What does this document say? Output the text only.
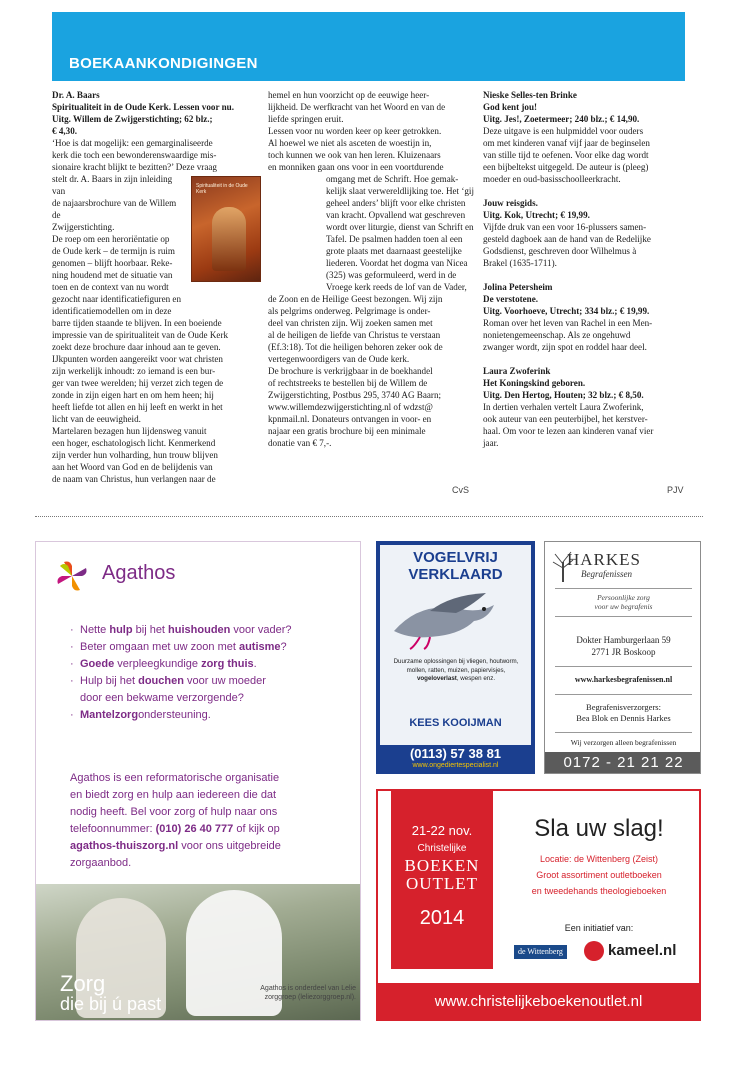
BOEKAANKONDIGINGEN

Dr. A. Baars

Spiritualiteit in de Oude Kerk. Lessen voor nu.

Uitg. Willem de Zwijgerstichting; 62 blz.;

€ 4,30.

‘Hoe is dat mogelijk: een gemarginaliseerde

kerk die toch een bewonderenswaardige mis-

sionaire kracht blijkt te bezitten?’ Deze vraag

Spiritualiteit in de Oude Kerk

stelt dr. A. Baars in zijn inleiding van

de najaarsbrochure van de Willem de

Zwijgerstichting.

De roep om een heroriëntatie op

de Oude kerk – de termijn is ruim

genomen – blijft hoorbaar. Reke-

ning houdend met de situatie van

toen en de context van nu wordt

gezocht naar identificatiefiguren en

identificatiemodellen om in deze

barre tijden staande te blijven. In een boeiende

impressie van de spiritualiteit van de Oude Kerk

zoekt deze brochure daar inhoud aan te geven.

IJkpunten worden aangereikt voor wat christen

zijn werkelijk inhoudt: zo iemand is een bur-

ger van twee werelden; hij verzet zich tegen de

zonde in zijn eigen hart en om hem heen; hij

heeft liefde tot allen en hij leeft en werkt in het

licht van de eeuwigheid.

Martelaren bezagen hun lijdensweg vanuit

een hoger, eschatologisch licht. Kenmerkend

zijn verder hun volharding, hun trouw blijven

aan het Woord van God en de belijdenis van

de naam van Christus, hun verlangen naar de

hemel en hun voorzicht op de eeuwige heer-

lijkheid. De werfkracht van het Woord en van de

liefde springen eruit.

Lessen voor nu worden keer op keer getrokken.

Al hoewel we niet als asceten de woestijn in,

toch kunnen we ook van hen leren. Kluizenaars

en monniken gaan ons voor in een voortdurende

omgang met de Schrift. Hoe gemak-

kelijk slaat verwereldlijking toe. Het ‘gij

geheel anders’ blijft voor elke christen

van kracht. Opvallend wat geschreven

wordt over liturgie, dienst van Schrift en

Tafel. De psalmen hadden toen al een

grote plaats met daarnaast geestelijke

liederen. Voordat het dogma van Nicea

(325) was geformuleerd, werd in de

Vroege kerk reeds de lof van de Vader,

de Zoon en de Heilige Geest bezongen. Wij zijn

als pelgrims onderweg. Pelgrimage is onder-

deel van christen zijn. Wij zoeken samen met

al de heiligen de liefde van Christus te verstaan

(Ef.3:18). Tot die heiligen behoren zeker ook de

vertegenwoordigers van de Oude kerk.

De brochure is verkrijgbaar in de boekhandel

of rechtstreeks te bestellen bij de Willem de

Zwijgerstichting, Postbus 295, 3740 AG Baarn;

www.willemdezwijgerstichting.nl of wdzst@

kpnmail.nl. Donateurs ontvangen in voor- en

najaar een gratis brochure bij een minimale

donatie van € 7,-.

CvS

Nieske Selles-ten Brinke

God kent jou!

Uitg. Jes!, Zoetermeer; 240 blz.; € 14,90.

Deze uitgave is een hulpmiddel voor ouders

om met kinderen vanaf vijf jaar de beginselen

van stille tijd te oefenen. Voor elke dag wordt

een bijbeltekst uitgegeld. De auteur is (pleeg)

moeder en oud-basisschoolleerkracht.

Jouw reisgids.

Uitg. Kok, Utrecht; € 19,99.

Vijfde druk van een voor 16-plussers samen-

gesteld dagboek aan de hand van de Redelijke

Godsdienst, geschreven door Wilhelmus à

Brakel (1635-1711).

Jolina Petersheim

De verstotene.

Uitg. Voorhoeve, Utrecht; 334 blz.; € 19,99.

Roman over het leven van Rachel in een Men-

nonietengemeenschap. Als ze ongehuwd

zwanger wordt, zijn spot en roddel haar deel.

Laura Zwoferink

Het Koningskind geboren.

Uitg. Den Hertog, Houten; 32 blz.; € 8,50.

In dertien verhalen vertelt Laura Zwoferink,

ook auteur van een peuterbijbel, het kerstver-

haal. Om voor te lezen aan kinderen vanaf vier

jaar.

PJV
Agathos
· Nette hulp bij het huishouden voor vader?
· Beter omgaan met uw zoon met autisme?
· Goede verpleegkundige zorg thuis.
· Hulp bij het douchen voor uw moeder
door een bekwame verzorgende?
· Mantelzorgondersteuning.
Agathos is een reformatorische organisatie
en biedt zorg en hulp aan iedereen die dat
nodig heeft. Bel voor zorg of hulp naar ons
telefoonnummer: (010) 26 40 777 of kijk op
agathos-thuiszorg.nl voor ons uitgebreide
zorgaanbod.
Zorg
die bij ú past
Agathos is onderdeel van Lelie zorggroep (leliezorggroep.nl).
VOGELVRIJ
VERKLAARD
Duurzame oplossingen bij vliegen, houtworm, mollen, ratten, muizen, papiervisjes, vogeloverlast, wespen enz.
KEES KOOIJMAN
(0113) 57 38 81
www.ongediertespecialist.nl
HARKES
Begrafenissen
Persoonlijke zorg
voor uw begrafenis
Dokter Hamburgerlaan 59
2771 JR Boskoop
www.harkesbegrafenissen.nl
Begrafenisverzorgers:
Bea Blok en Dennis Harkes
Wij verzorgen alleen begrafenissen
0172 - 21 21 22
21-22 nov.
Christelijke
BOEKEN
OUTLET
2014
Sla uw slag!
Locatie: de Wittenberg (Zeist)
Groot assortiment outletboeken
en tweedehands theologieboeken
Een initiatief van:
de Wittenberg	kameel.nl
www.christelijkeboekenoutlet.nl
